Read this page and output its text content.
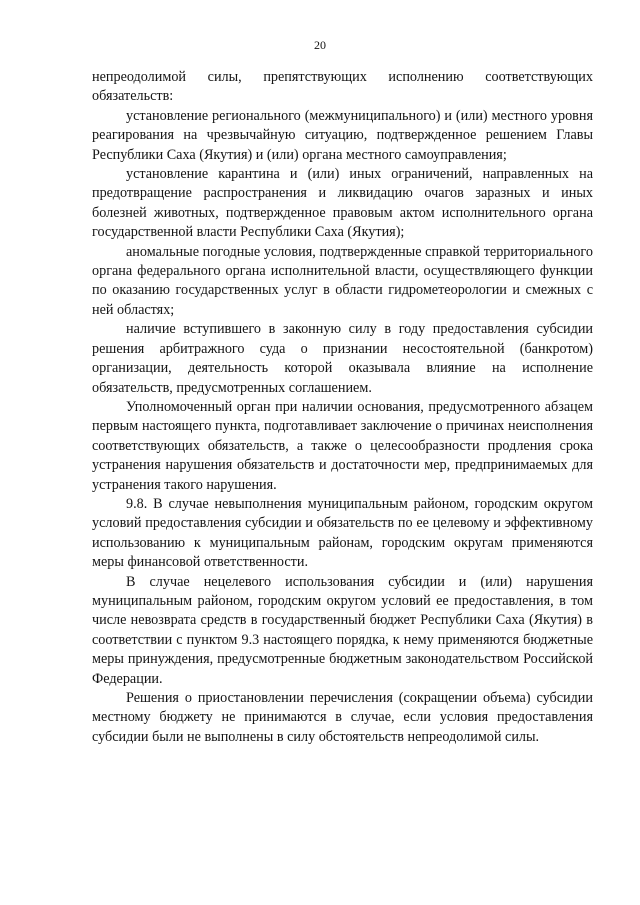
20

непреодолимой силы, препятствующих исполнению соответствующих обязательств:

установление регионального (межмуниципального) и (или) местного уровня реагирования на чрезвычайную ситуацию, подтвержденное решением Главы Республики Саха (Якутия) и (или) органа местного самоуправления;

установление карантина и (или) иных ограничений, направленных на предотвращение распространения и ликвидацию очагов заразных и иных болезней животных, подтвержденное правовым актом исполнительного органа государственной власти Республики Саха (Якутия);

аномальные погодные условия, подтвержденные справкой территориального органа федерального органа исполнительной власти, осуществляющего функции по оказанию государственных услуг в области гидрометеорологии и смежных с ней областях;

наличие вступившего в законную силу в году предоставления субсидии решения арбитражного суда о признании несостоятельной (банкротом) организации, деятельность которой оказывала влияние на исполнение обязательств, предусмотренных соглашением.

Уполномоченный орган при наличии основания, предусмотренного абзацем первым настоящего пункта, подготавливает заключение о причинах неисполнения соответствующих обязательств, а также о целесообразности продления срока устранения нарушения обязательств и достаточности мер, предпринимаемых для устранения такого нарушения.

9.8. В случае невыполнения муниципальным районом, городским округом условий предоставления субсидии и обязательств по ее целевому и эффективному использованию к муниципальным районам, городским округам применяются меры финансовой ответственности.

В случае нецелевого использования субсидии и (или) нарушения муниципальным районом, городским округом условий ее предоставления, в том числе невозврата средств в государственный бюджет Республики Саха (Якутия) в соответствии с пунктом 9.3 настоящего порядка, к нему применяются бюджетные меры принуждения, предусмотренные бюджетным законодательством Российской Федерации.

Решения о приостановлении перечисления (сокращении объема) субсидии местному бюджету не принимаются в случае, если условия предоставления субсидии были не выполнены в силу обстоятельств непреодолимой силы.
